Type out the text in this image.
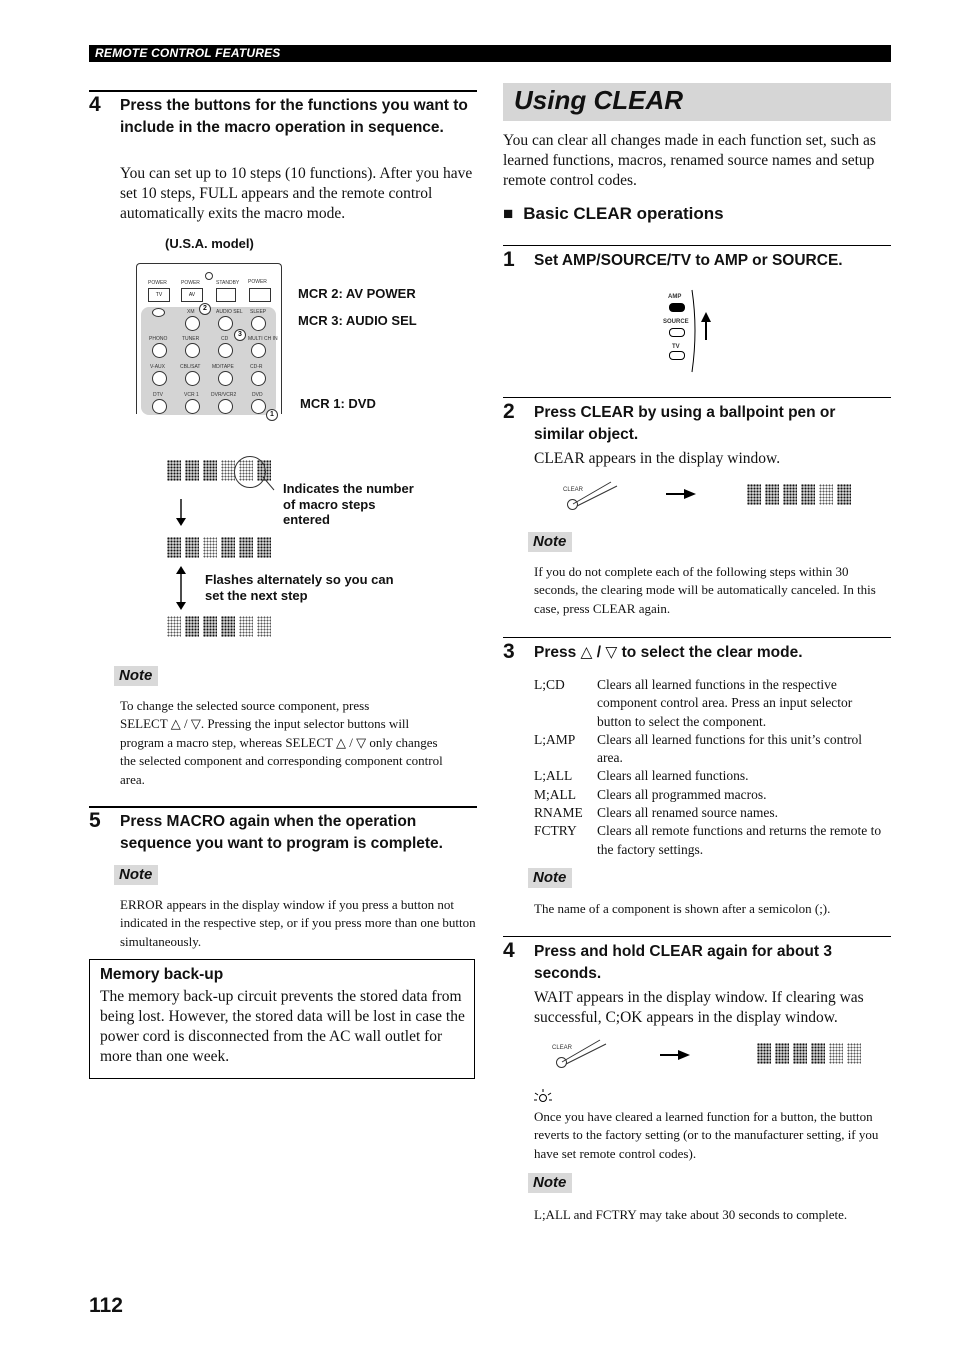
REMOTE CONTROL FEATURES
4 Press the buttons for the functions you want to include in the macro operation in sequence.
You can set up to 10 steps (10 functions). After you have set 10 steps, FULL appears and the remote control automatically exits the macro mode.
(U.S.A. model)
POWER	POWER	STANDBY POWER
TV	AV
XM	AUDIO SEL SLEEP
PHONO	TUNER	CD	MULTI CH IN
V-AUX	CBL/SAT MD/TAPE	CD-R
DTV	VCR 1 DVR/VCR2	DVD
2
3
1
MCR 2: AV POWER
MCR 3: AUDIO SEL
MCR 1: DVD
Indicates the number of macro steps entered
Flashes alternately so you can set the next step
Note
To change the selected source component, press
SELECT △ / ▽. Pressing the input selector buttons will
program a macro step, whereas SELECT △ / ▽ only changes
the selected component and corresponding component control
area.
5 Press MACRO again when the operation sequence you want to program is complete.
Note
ERROR appears in the display window if you press a button not indicated in the respective step, or if you press more than one button simultaneously.
Memory back-up
The memory back-up circuit prevents the stored data from being lost. However, the stored data will be lost in case the power cord is disconnected from the AC wall outlet for more than one week.
112
Using CLEAR
You can clear all changes made in each function set, such as learned functions, macros, renamed source names and setup remote control codes.
■ Basic CLEAR operations
1 Set AMP/SOURCE/TV to AMP or SOURCE.
AMP
SOURCE
TV
2 Press CLEAR by using a ballpoint pen or similar object.
CLEAR appears in the display window.
CLEAR
Note
If you do not complete each of the following steps within 30 seconds, the clearing mode will be automatically canceled. In this case, press CLEAR again.
3 Press △ / ▽ to select the clear mode.
L;CD	Clears all learned functions in the respective component control area. Press an input selector button to select the component.
L;AMP	Clears all learned functions for this unit’s control area.
L;ALL	Clears all learned functions.
M;ALL	Clears all programmed macros.
RNAME	Clears all renamed source names.
FCTRY	Clears all remote functions and returns the remote to the factory settings.
Note
The name of a component is shown after a semicolon (;).
4 Press and hold CLEAR again for about 3 seconds.
WAIT appears in the display window. If clearing was successful, C;OK appears in the display window.
CLEAR
Once you have cleared a learned function for a button, the button reverts to the factory setting (or to the manufacturer setting, if you have set remote control codes).
Note
L;ALL and FCTRY may take about 30 seconds to complete.
